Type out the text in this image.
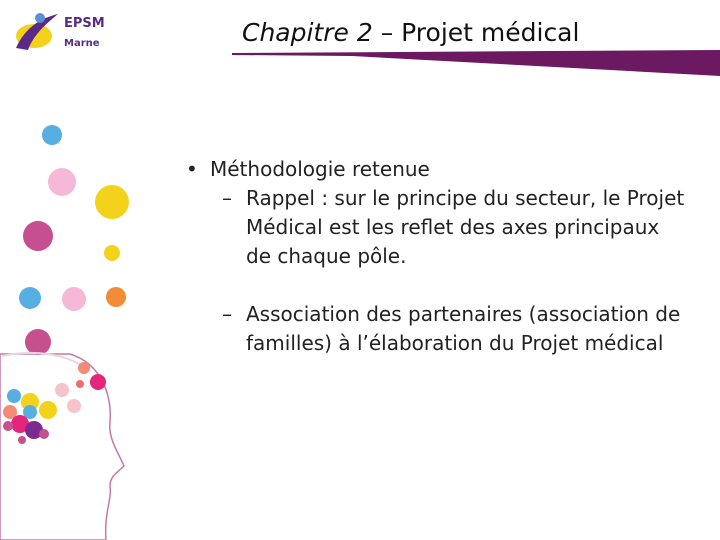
EPSM
Marne	Chapitre 2 – Projet médical
• Méthodologie retenue
– Rappel : sur le principe du secteur, le Projet Médical est les reflet des axes principaux de chaque pôle.
– Association des partenaires (association de familles) à l’élaboration du Projet médical
